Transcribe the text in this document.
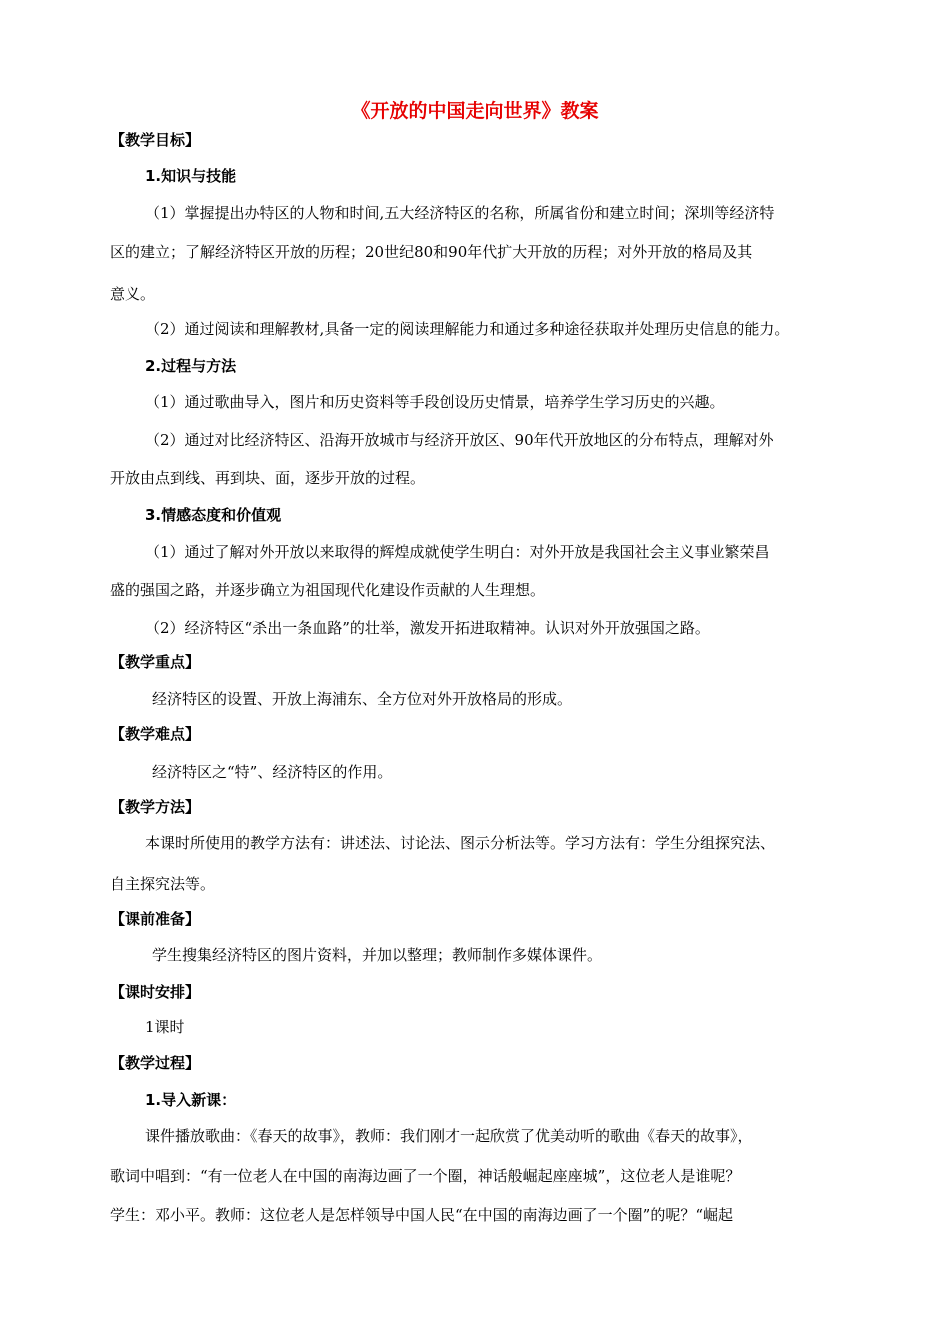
《开放的中国走向世界》教案
【教学目标】
1.知识与技能
（1）掌握提出办特区的人物和时间,五大经济特区的名称，所属省份和建立时间；深圳等经济特
区的建立；了解经济特区开放的历程；20世纪80和90年代扩大开放的历程；对外开放的格局及其
意义。
（2）通过阅读和理解教材,具备一定的阅读理解能力和通过多种途径获取并处理历史信息的能力。
2.过程与方法
（1）通过歌曲导入，图片和历史资料等手段创设历史情景，培养学生学习历史的兴趣。
（2）通过对比经济特区、沿海开放城市与经济开放区、90年代开放地区的分布特点，理解对外
开放由点到线、再到块、面，逐步开放的过程。
3.情感态度和价值观
（1）通过了解对外开放以来取得的辉煌成就使学生明白：对外开放是我国社会主义事业繁荣昌
盛的强国之路，并逐步确立为祖国现代化建设作贡献的人生理想。
（2）经济特区“杀出一条血路”的壮举，激发开拓进取精神。认识对外开放强国之路。
【教学重点】
经济特区的设置、开放上海浦东、全方位对外开放格局的形成。
【教学难点】
经济特区之“特”、经济特区的作用。
【教学方法】
本课时所使用的教学方法有：讲述法、讨论法、图示分析法等。学习方法有：学生分组探究法、
自主探究法等。
【课前准备】
学生搜集经济特区的图片资料，并加以整理；教师制作多媒体课件。
【课时安排】
1课时
【教学过程】
1.导入新课：
课件播放歌曲：《春天的故事》，教师：我们刚才一起欣赏了优美动听的歌曲《春天的故事》，
歌词中唱到：“有一位老人在中国的南海边画了一个圈，神话般崛起座座城”，这位老人是谁呢？
学生：邓小平。教师：这位老人是怎样领导中国人民“在中国的南海边画了一个圈”的呢？“崛起
